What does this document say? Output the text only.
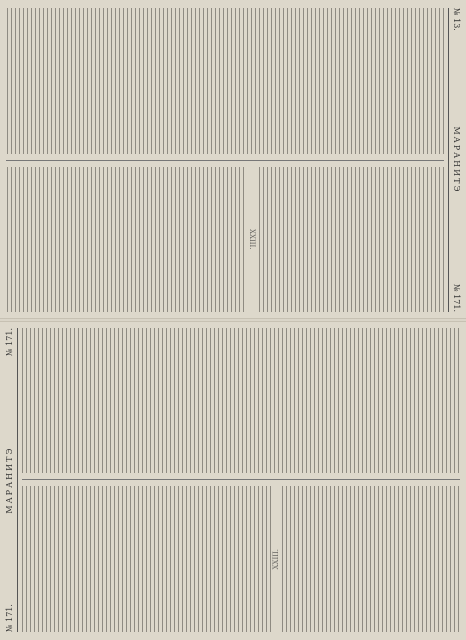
№ 13.
МАРАНИТЭ
№ 171.
XXIII.
№ 171.
МАРАНИТЭ
№ 171.
XXIII.
